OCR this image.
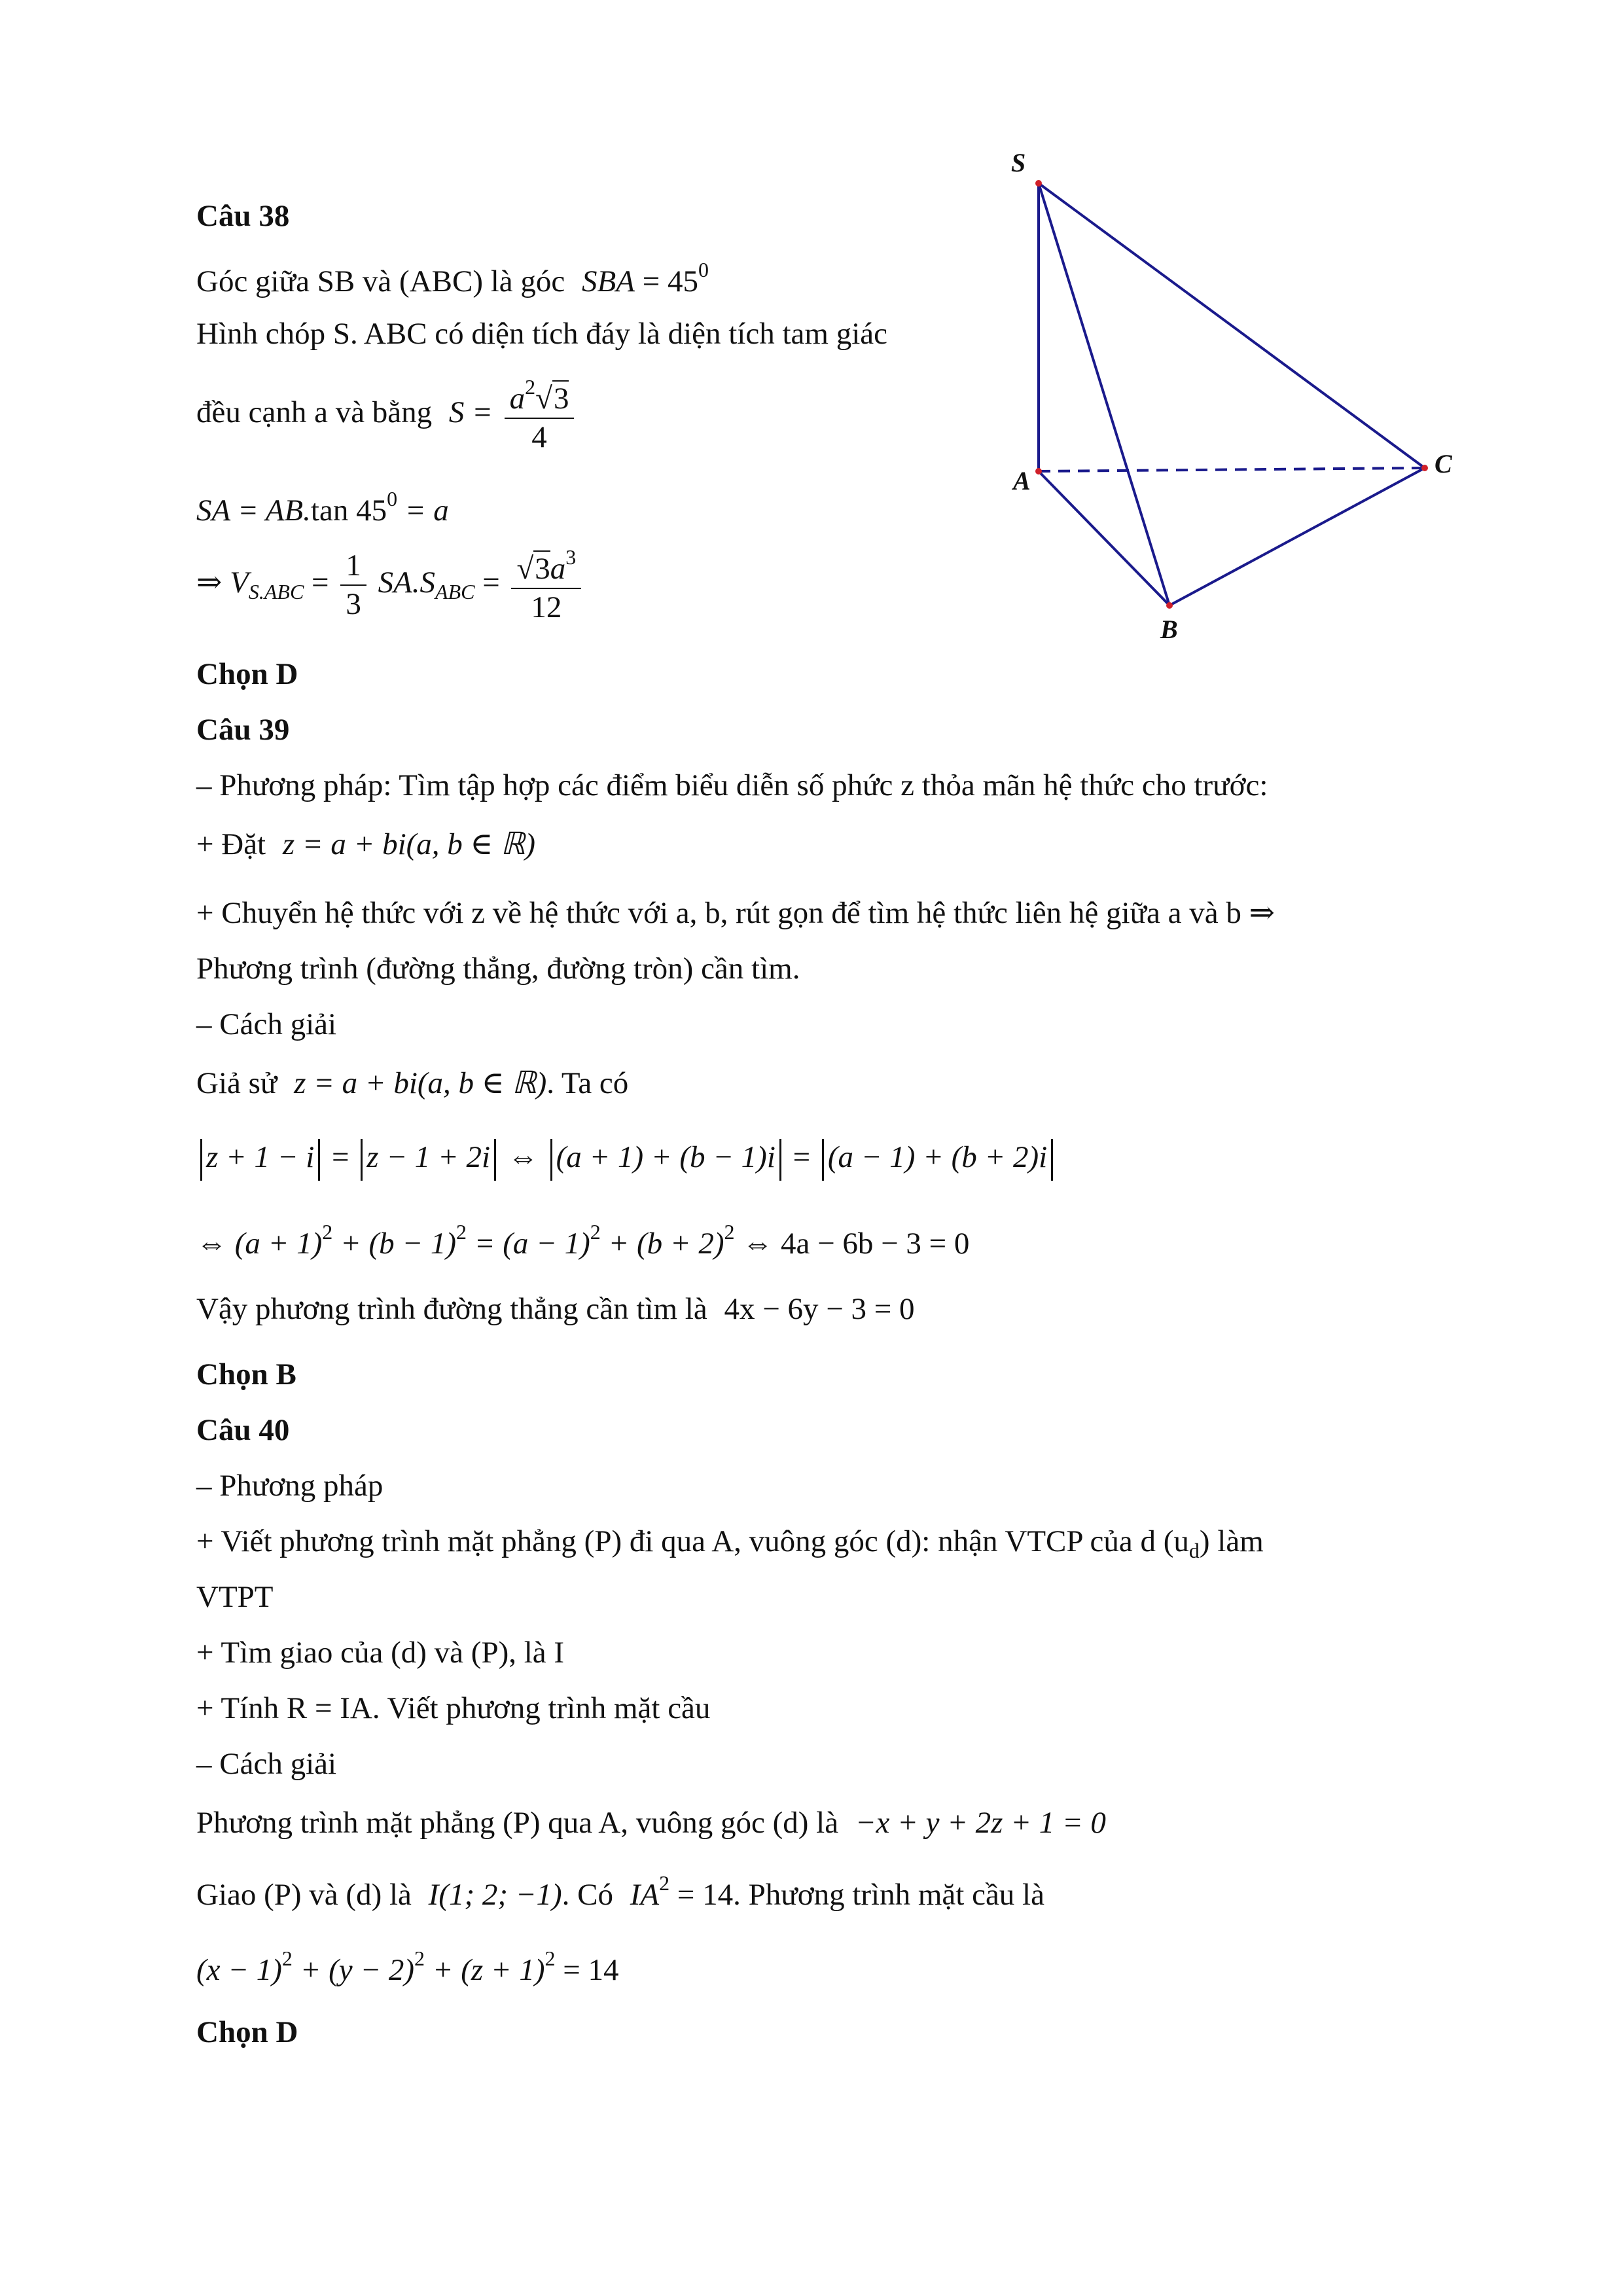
Câu 38
Góc giữa SB và (ABC) là góc SBA = $45^0$
Hình chóp S. ABC có diện tích đáy là diện tích tam giác
đều cạnh a và bằng $S = \frac{a^2√3}{4}$
SA = AB.tan $45^0 = a$
⇒ $V_{S.ABC} = \frac{1}{3} SA.S_{ABC} = \frac{√3a^3}{12}$
Chọn D
S
A
B
C
Câu 39
– Phương pháp: Tìm tập hợp các điểm biểu diễn số phức z thỏa mãn hệ thức cho trước:
+ Đặt z = a + bi(a, b ∈ ℝ)
+ Chuyển hệ thức với z về hệ thức với a, b, rút gọn để tìm hệ thức liên hệ giữa a và b ⇒
Phương trình (đường thẳng, đường tròn) cần tìm.
– Cách giải
Giả sử z = a + bi(a, b ∈ ℝ). Ta có
z + 1 − i = z − 1 + 2i ⇔ (a + 1) + (b − 1)i = (a − 1) + (b + 2)i
⇔ $(a + 1)^2 + (b - 1)^2 = (a - 1)^2 + (b + 2)^2$ ⇔ 4a − 6b − 3 = 0
Vậy phương trình đường thẳng cần tìm là 4x − 6y − 3 = 0
Chọn B
Câu 40
– Phương pháp
+ Viết phương trình mặt phẳng (P) đi qua A, vuông góc (d): nhận VTCP của d $(u_d)$ làm
VTPT
+ Tìm giao của (d) và (P), là I
+ Tính R = IA. Viết phương trình mặt cầu
– Cách giải
Phương trình mặt phẳng (P) qua A, vuông góc (d) là −x + y + 2z + 1 = 0
Giao (P) và (d) là I(1; 2; −1). Có $IA^2 = 14$. Phương trình mặt cầu là
$(x - 1)^2 + (y - 2)^2 + (z + 1)^2 = 14$
Chọn D
